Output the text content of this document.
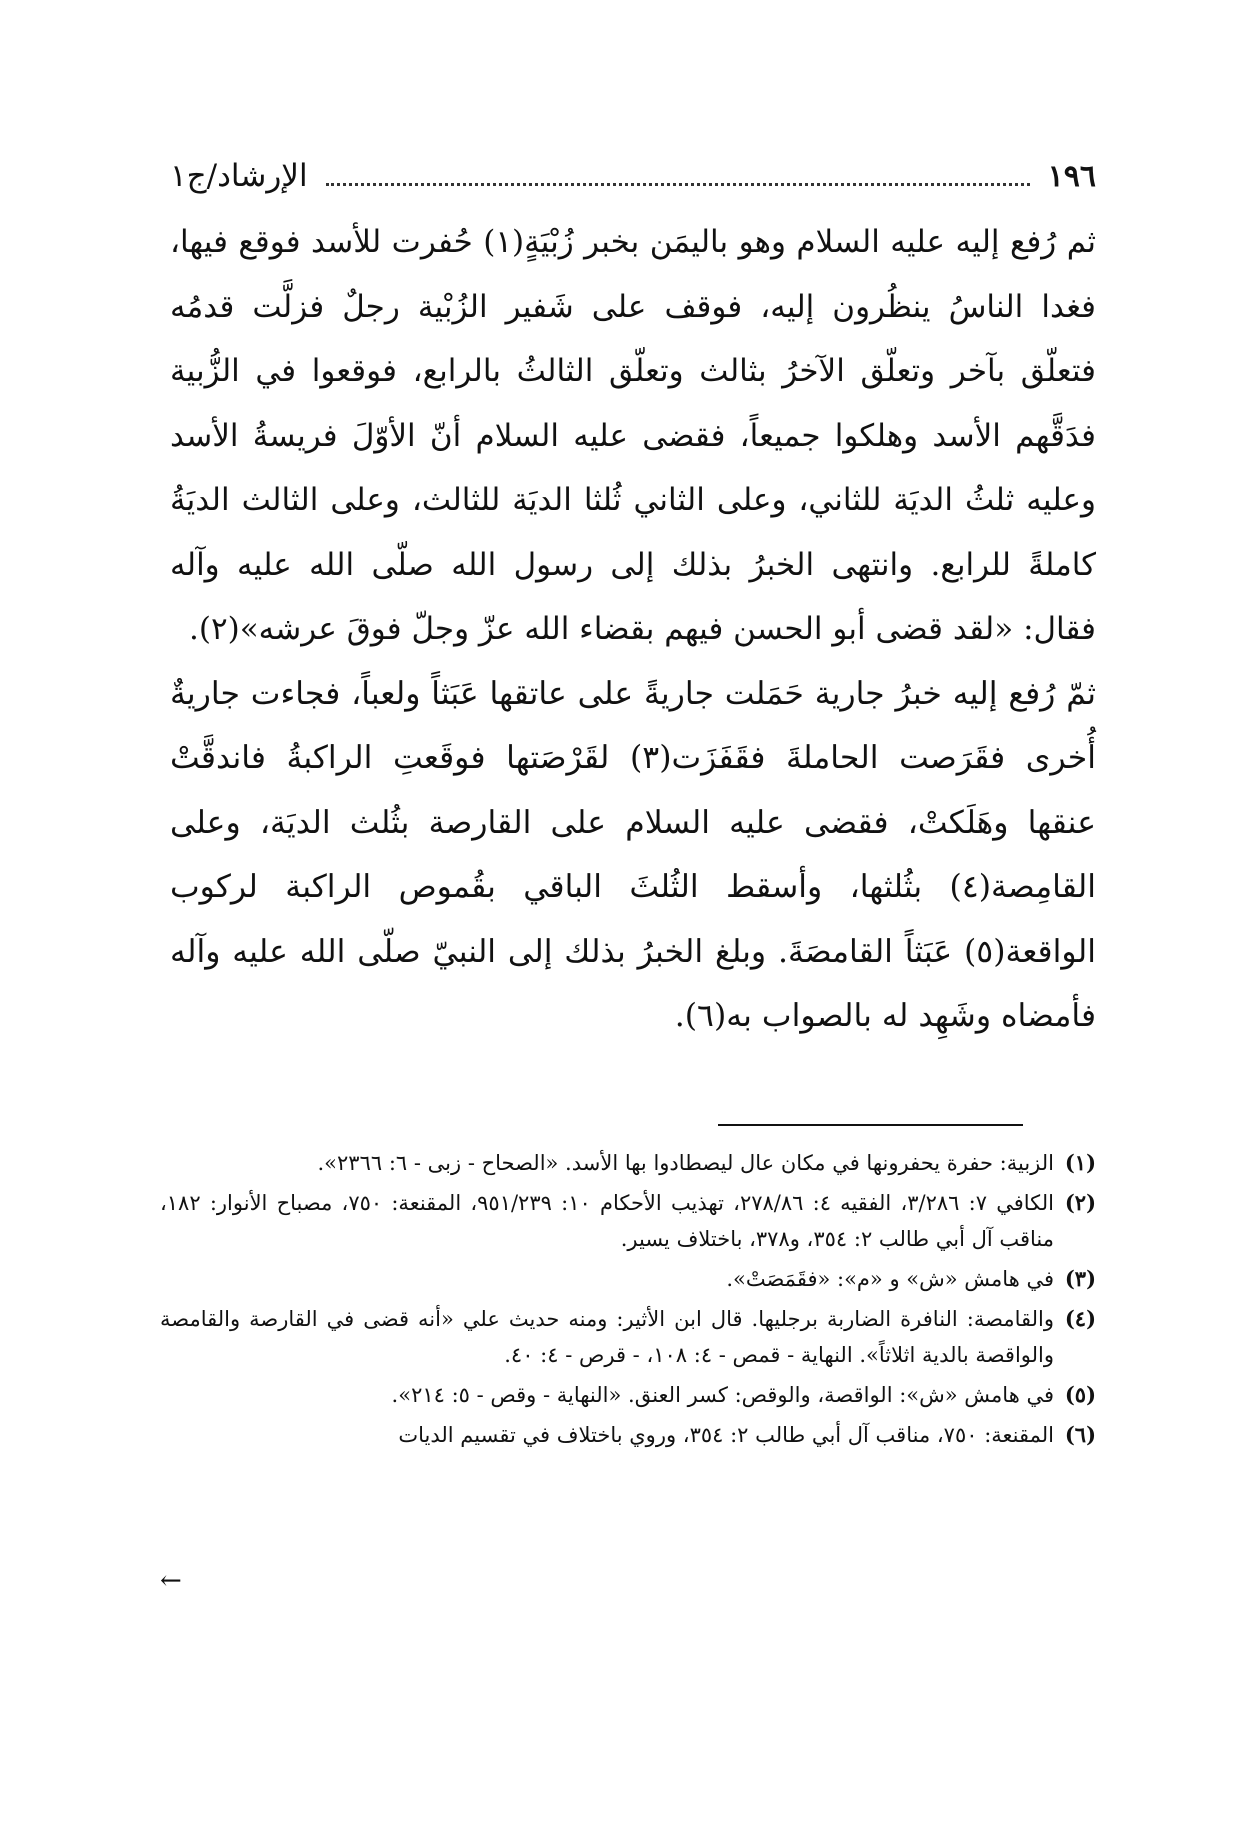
١٩٦
الإرشاد/ج١

ثم رُفع إليه عليه السلام وهو باليمَن بخبر زُبْيَةٍ(١) حُفرت للأسد فوقع فيها، فغدا الناسُ ينظُرون إليه، فوقف على شَفير الزُبْية رجلٌ فزلَّت قدمُه فتعلّق بآخر وتعلّق الآخرُ بثالث وتعلّق الثالثُ بالرابع، فوقعوا في الزُّبية فدَقَّهم الأسد وهلكوا جميعاً، فقضى عليه السلام أنّ الأوّلَ فريسةُ الأسد وعليه ثلثُ الديَة للثاني، وعلى الثاني ثُلثا الديَة للثالث، وعلى الثالث الديَةُ كاملةً للرابع. وانتهى الخبرُ بذلك إلى رسول الله صلّى الله عليه وآله فقال: «لقد قضى أبو الحسن فيهم بقضاء الله عزّ وجلّ فوقَ عرشه»(٢).

ثمّ رُفع إليه خبرُ جارية حَمَلت جاريةً على عاتقها عَبَثاً ولعباً، فجاءت جاريةٌ أُخرى فقَرَصت الحاملةَ فقَفَزَت(٣) لقَرْصَتها فوقَعتِ الراكبةُ فاندقَّتْ عنقها وهَلَكتْ، فقضى عليه السلام على القارصة بثُلث الديَة، وعلى القامِصة(٤) بثُلثها، وأسقط الثُلثَ الباقي بقُموص الراكبة لركوب الواقعة(٥) عَبَثاً القامصَةَ. وبلغ الخبرُ بذلك إلى النبيّ صلّى الله عليه وآله فأمضاه وشَهِد له بالصواب به(٦).

(١)
الزبية: حفرة يحفرونها في مكان عال ليصطادوا بها الأسد. «الصحاح - زبى - ٦: ٢٣٦٦».
(٢)
الكافي ٧: ٣/٢٨٦، الفقيه ٤: ٢٧٨/٨٦، تهذيب الأحكام ١٠: ٩٥١/٢٣٩، المقنعة: ٧٥٠، مصباح الأنوار: ١٨٢، مناقب آل أبي طالب ٢: ٣٥٤، و٣٧٨، باختلاف يسير.
(٣)
في هامش «ش» و «م»: «فقَمَصَتْ».
(٤)
والقامصة: النافرة الضاربة برجليها. قال ابن الأثير: ومنه حديث علي «أنه قضى في القارصة والقامصة والواقصة بالدية اثلاثاً». النهاية - قمص - ٤: ١٠٨، - قرص - ٤: ٤٠.
(٥)
في هامش «ش»: الواقصة، والوقص: كسر العنق. «النهاية - وقص - ٥: ٢١٤».
(٦)
المقنعة: ٧٥٠، مناقب آل أبي طالب ٢: ٣٥٤، وروي باختلاف في تقسيم الديات
←
